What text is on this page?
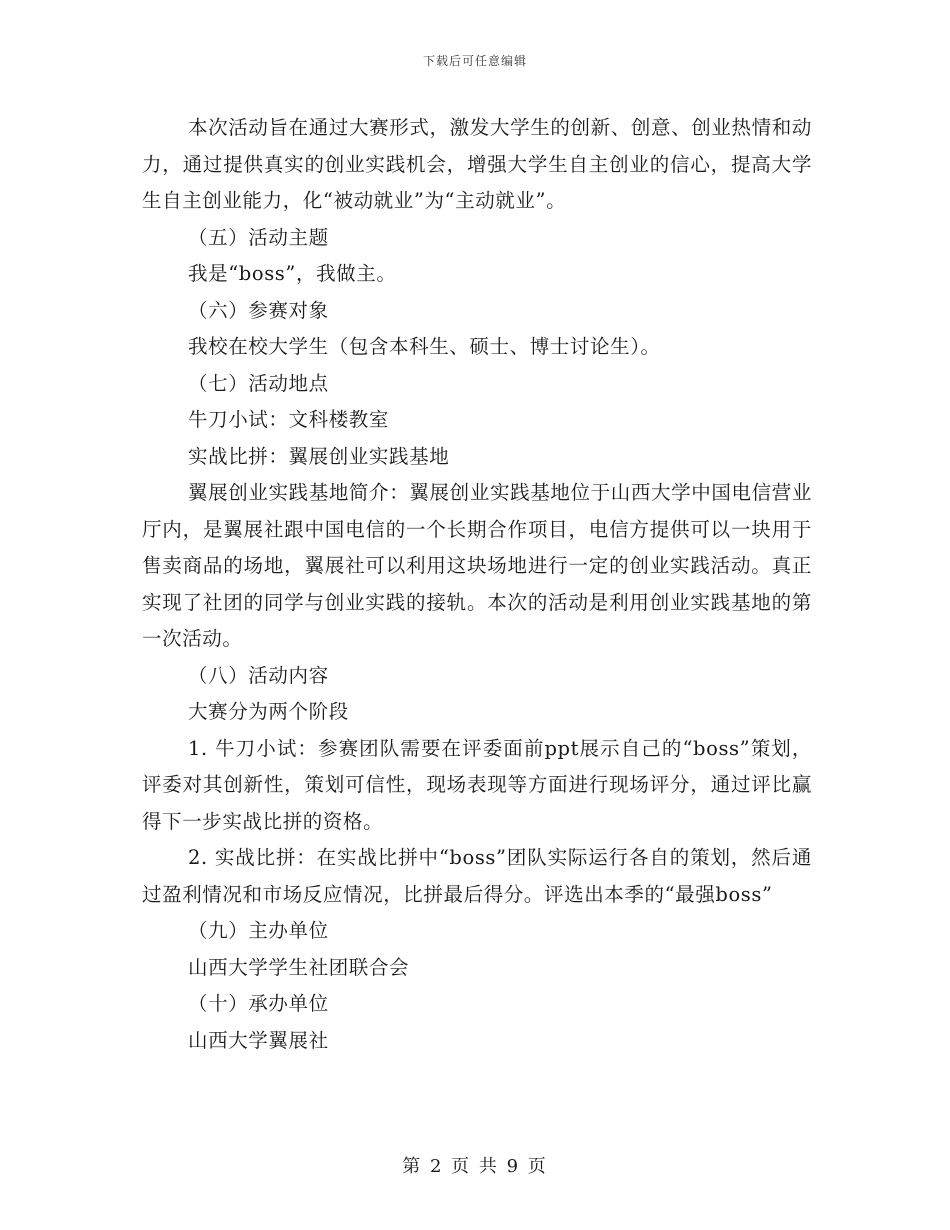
下载后可任意编辑

本次活动旨在通过大赛形式，激发大学生的创新、创意、创业热情和动力，通过提供真实的创业实践机会，增强大学生自主创业的信心，提高大学生自主创业能力，化“被动就业”为“主动就业”。

（五）活动主题

我是“boss”，我做主。

（六）参赛对象

我校在校大学生（包含本科生、硕士、博士讨论生）。

（七）活动地点

牛刀小试：文科楼教室

实战比拼：翼展创业实践基地

翼展创业实践基地简介：翼展创业实践基地位于山西大学中国电信营业厅内，是翼展社跟中国电信的一个长期合作项目，电信方提供可以一块用于售卖商品的场地，翼展社可以利用这块场地进行一定的创业实践活动。真正实现了社团的同学与创业实践的接轨。本次的活动是利用创业实践基地的第一次活动。

（八）活动内容

大赛分为两个阶段

1. 牛刀小试：参赛团队需要在评委面前ppt展示自己的“boss”策划，评委对其创新性，策划可信性，现场表现等方面进行现场评分，通过评比赢得下一步实战比拼的资格。

2. 实战比拼：在实战比拼中“boss”团队实际运行各自的策划，然后通过盈利情况和市场反应情况，比拼最后得分。评选出本季的“最强boss”

（九）主办单位

山西大学学生社团联合会

（十）承办单位

山西大学翼展社

第 2 页 共 9 页
